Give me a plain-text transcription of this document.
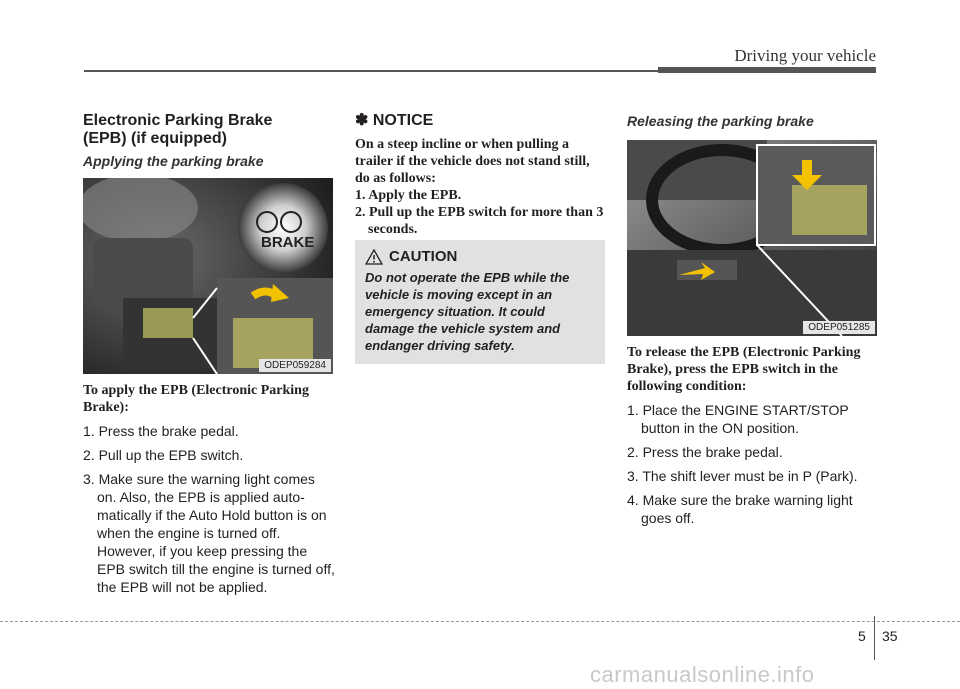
Driving your vehicle
Electronic Parking Brake
(EPB) (if equipped)
Applying the parking brake
BRAKE
ODEP059284
To apply the EPB (Electronic Parking Brake):
1. Press the brake pedal.
2. Pull up the EPB switch.
3. Make sure the warning light comes on. Also, the EPB is applied auto-matically if the Auto Hold button is on when the engine is turned off. However, if you keep pressing the EPB switch till the engine is turned off, the EPB will not be applied.
✽ NOTICE
On a steep incline or when pulling a trailer if the vehicle does not stand still, do as follows:
1. Apply the EPB.
2. Pull up the EPB switch for more than 3 seconds.
CAUTION
Do not operate the EPB while the vehicle is moving except in an emergency situation. It could damage the vehicle system and endanger driving safety.
Releasing the parking brake
ODEP051285
To release the EPB (Electronic Parking Brake), press the EPB switch in the following condition:
1. Place the ENGINE START/STOP button in the ON position.
2. Press the brake pedal.
3. The shift lever must be in P (Park).
4. Make sure the brake warning light goes off.
5 35
carmanualsonline.info
